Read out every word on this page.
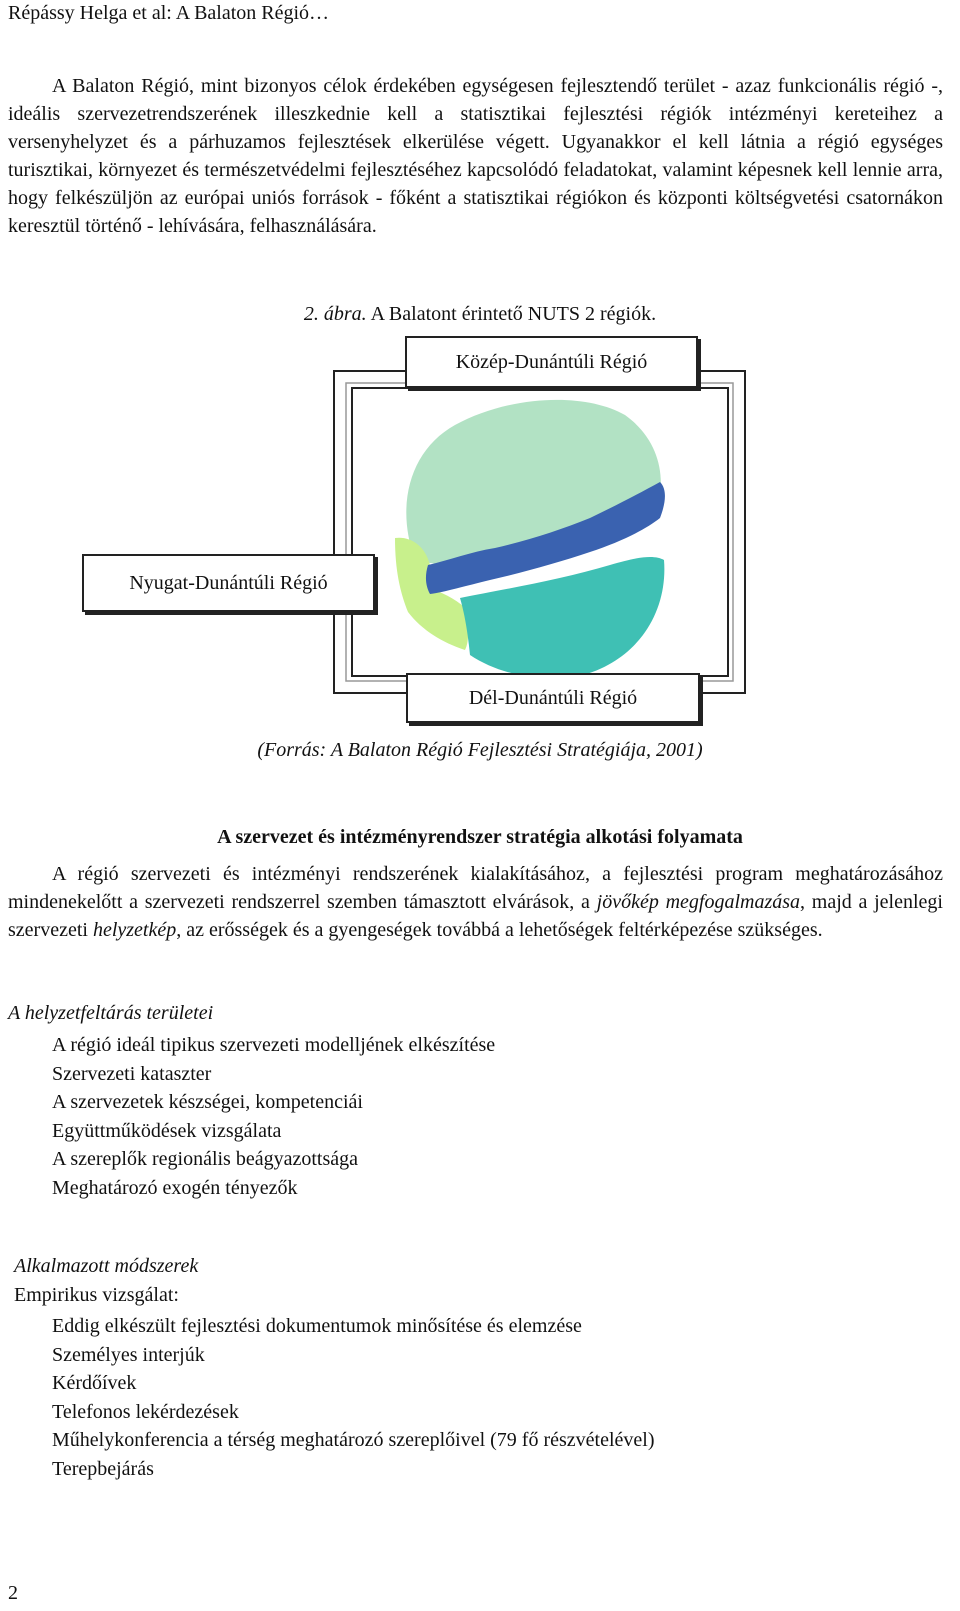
Répássy Helga et al: A Balaton Régió…

A Balaton Régió, mint bizonyos célok érdekében egységesen fejlesztendő terület - azaz funkcionális régió -, ideális szervezetrendszerének illeszkednie kell a statisztikai fejlesztési régiók intézményi kereteihez a versenyhelyzet és a párhuzamos fejlesztések elkerülése végett. Ugyanakkor el kell látnia a régió egységes turisztikai, környezet és természetvédelmi fejlesztéséhez kapcsolódó feladatokat, valamint képesnek kell lennie arra, hogy felkészüljön az európai uniós források - főként a statisztikai régiókon és központi költségvetési csatornákon keresztül történő - lehívására, felhasználására.

2. ábra. A Balatont érintető NUTS 2 régiók.
Közép-Dunántúli Régió
Nyugat-Dunántúli Régió
Dél-Dunántúli Régió
(Forrás: A Balaton Régió Fejlesztési Stratégiája, 2001)
A szervezet és intézményrendszer stratégia alkotási folyamata

A régió szervezeti és intézményi rendszerének kialakításához, a fejlesztési program meghatározásához mindenekelőtt a szervezeti rendszerrel szemben támasztott elvárások, a jövőkép megfogalmazása, majd a jelenlegi szervezeti helyzetkép, az erősségek és a gyengeségek továbbá a lehetőségek feltérképezése szükséges.

A helyzetfeltárás területei
A régió ideál tipikus szervezeti modelljének elkészítése
Szervezeti kataszter
A szervezetek készségei, kompetenciái
Együttműködések vizsgálata
A szereplők regionális beágyazottsága
Meghatározó exogén tényezők
Alkalmazott módszerek
Empirikus vizsgálat:
Eddig elkészült fejlesztési dokumentumok minősítése és elemzése
Személyes interjúk
Kérdőívek
Telefonos lekérdezések
Műhelykonferencia a térség meghatározó szereplőivel (79 fő részvételével)
Terepbejárás
2
